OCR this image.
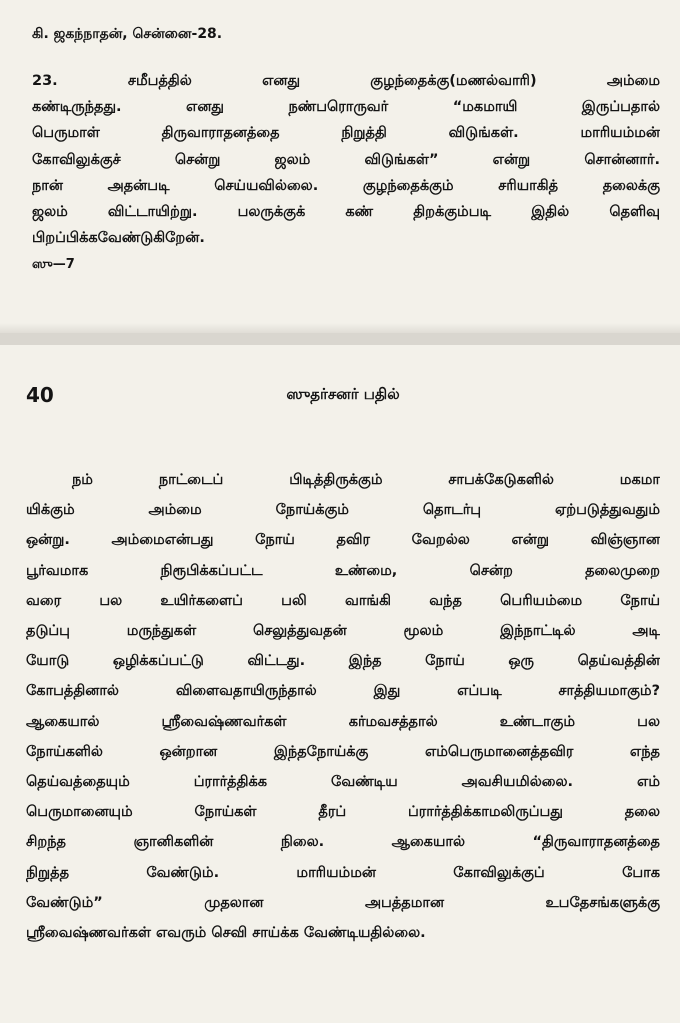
கி. ஜகந்நாதன், சென்னை-28.

23. சமீபத்தில் எனது குழந்தைக்கு(மணல்வாரி) அம்மை
கண்டிருந்தது. எனது நண்பரொருவர் “மகமாயி இருப்பதால்
பெருமாள் திருவாராதனத்தை நிறுத்தி விடுங்கள். மாரியம்மன்
கோவிலுக்குச் சென்று ஜலம் விடுங்கள்” என்று சொன்னார்.
நான் அதன்படி செய்யவில்லை. குழந்தைக்கும் சரியாகித் தலைக்கு
ஜலம் விட்டாயிற்று. பலருக்குக் கண் திறக்கும்படி இதில் தெளிவு
பிறப்பிக்கவேண்டுகிறேன்.
ஸு—7
40	ஸுதர்சனர் பதில்
நம் நாட்டைப் பிடித்திருக்கும் சாபக்கேடுகளில் மகமா
யிக்கும் அம்மை நோய்க்கும் தொடர்பு ஏற்படுத்துவதும்
ஒன்று. அம்மைஎன்பது நோய் தவிர வேறல்ல என்று விஞ்ஞான
பூர்வமாக நிரூபிக்கப்பட்ட உண்மை, சென்ற தலைமுறை
வரை பல உயிர்களைப் பலி வாங்கி வந்த பெரியம்மை நோய்
தடுப்பு மருந்துகள் செலுத்துவதன் மூலம் இந்நாட்டில் அடி
யோடு ஒழிக்கப்பட்டு விட்டது. இந்த நோய் ஒரு தெய்வத்தின்
கோபத்தினால் விளைவதாயிருந்தால் இது எப்படி சாத்தியமாகும்?
ஆகையால் ஸ்ரீவைஷ்ணவர்கள் கர்மவசத்தால் உண்டாகும் பல
நோய்களில் ஒன்றான இந்தநோய்க்கு எம்பெருமானைத்தவிர எந்த
தெய்வத்தையும் ப்ரார்த்திக்க வேண்டிய அவசியமில்லை. எம்
பெருமானையும் நோய்கள் தீரப் ப்ரார்த்திக்காமலிருப்பது தலை
சிறந்த ஞானிகளின் நிலை. ஆகையால் “திருவாராதனத்தை
நிறுத்த வேண்டும். மாரியம்மன் கோவிலுக்குப் போக
வேண்டும்” முதலான அபத்தமான உபதேசங்களுக்கு
ஸ்ரீவைஷ்ணவர்கள் எவரும் செவி சாய்க்க வேண்டியதில்லை.
